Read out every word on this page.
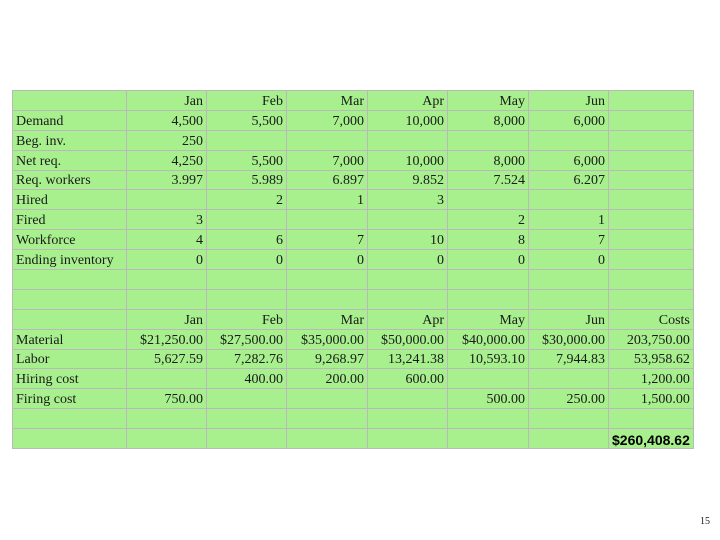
	Jan	Feb	Mar	Apr	May	Jun	
Demand	4,500	5,500	7,000	10,000	8,000	6,000	
Beg. inv.	250						
Net req.	4,250	5,500	7,000	10,000	8,000	6,000	
Req. workers	3.997	5.989	6.897	9.852	7.524	6.207	
Hired		2	1	3			
Fired	3				2	1	
Workforce	4	6	7	10	8	7	
Ending inventory	0	0	0	0	0	0	

	Jan	Feb	Mar	Apr	May	Jun	Costs
Material	$21,250.00	$27,500.00	$35,000.00	$50,000.00	$40,000.00	$30,000.00	203,750.00
Labor	5,627.59	7,282.76	9,268.97	13,241.38	10,593.10	7,944.83	53,958.62
Hiring cost		400.00	200.00	600.00			1,200.00
Firing cost	750.00				500.00	250.00	1,500.00

							$260,408.62
15
